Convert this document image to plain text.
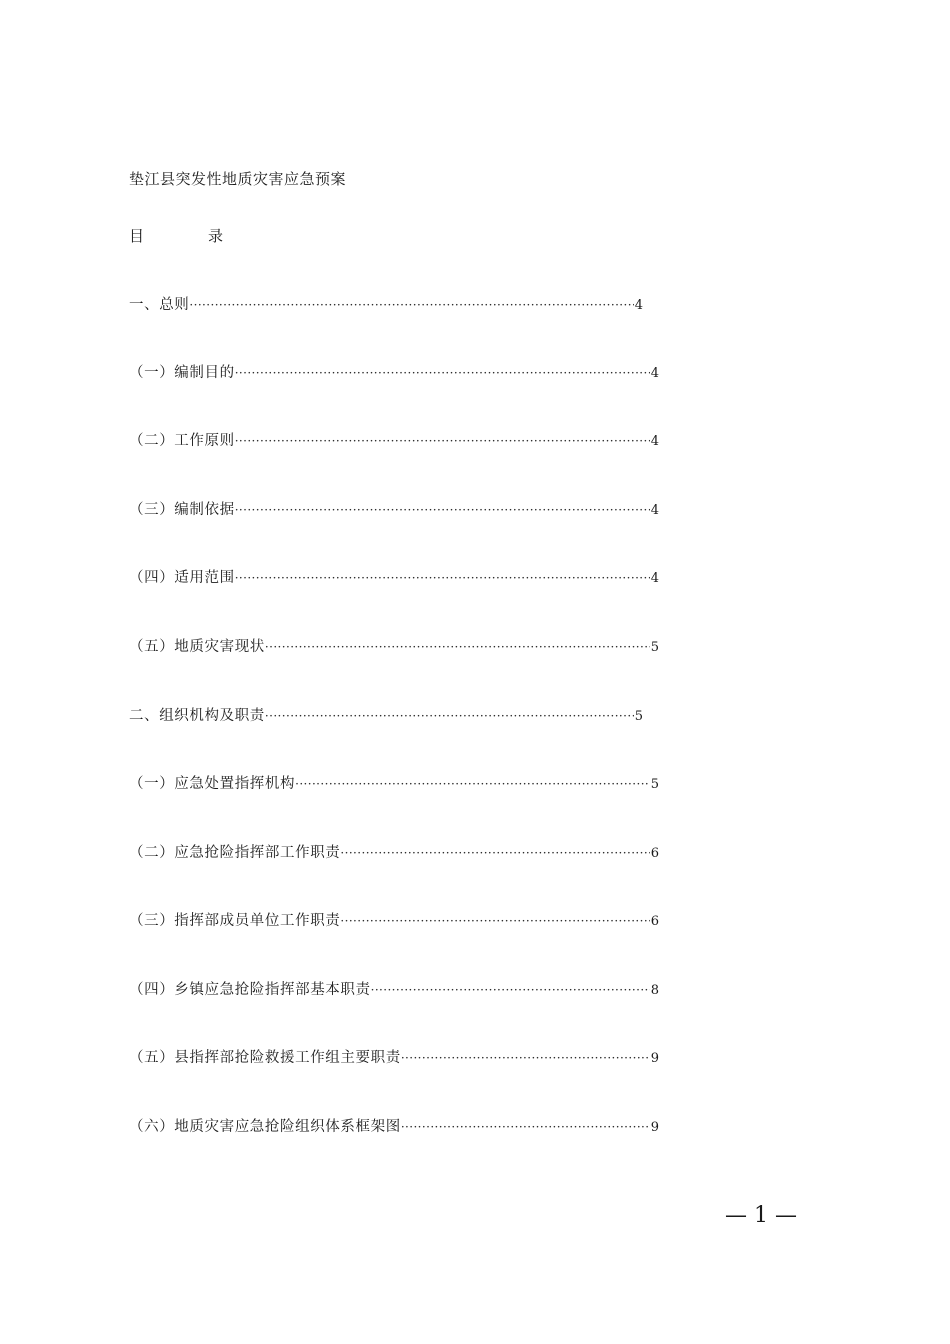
垫江县突发性地质灾害应急预案
目	录
一、总则 ·····	4
（一）编制目的 ·····	4
（二）工作原则 ·····	4
（三）编制依据 ·····	4
（四）适用范围 ·····	4
（五）地质灾害现状 ·····	5
二、组织机构及职责 ·····	5
（一）应急处置指挥机构 ·····	5
（二）应急抢险指挥部工作职责 ·····	6
（三）指挥部成员单位工作职责 ·····	6
（四）乡镇应急抢险指挥部基本职责 ·····	8
（五）县指挥部抢险救援工作组主要职责 ·····	9
（六）地质灾害应急抢险组织体系框架图 ·····	9
— 1 —
